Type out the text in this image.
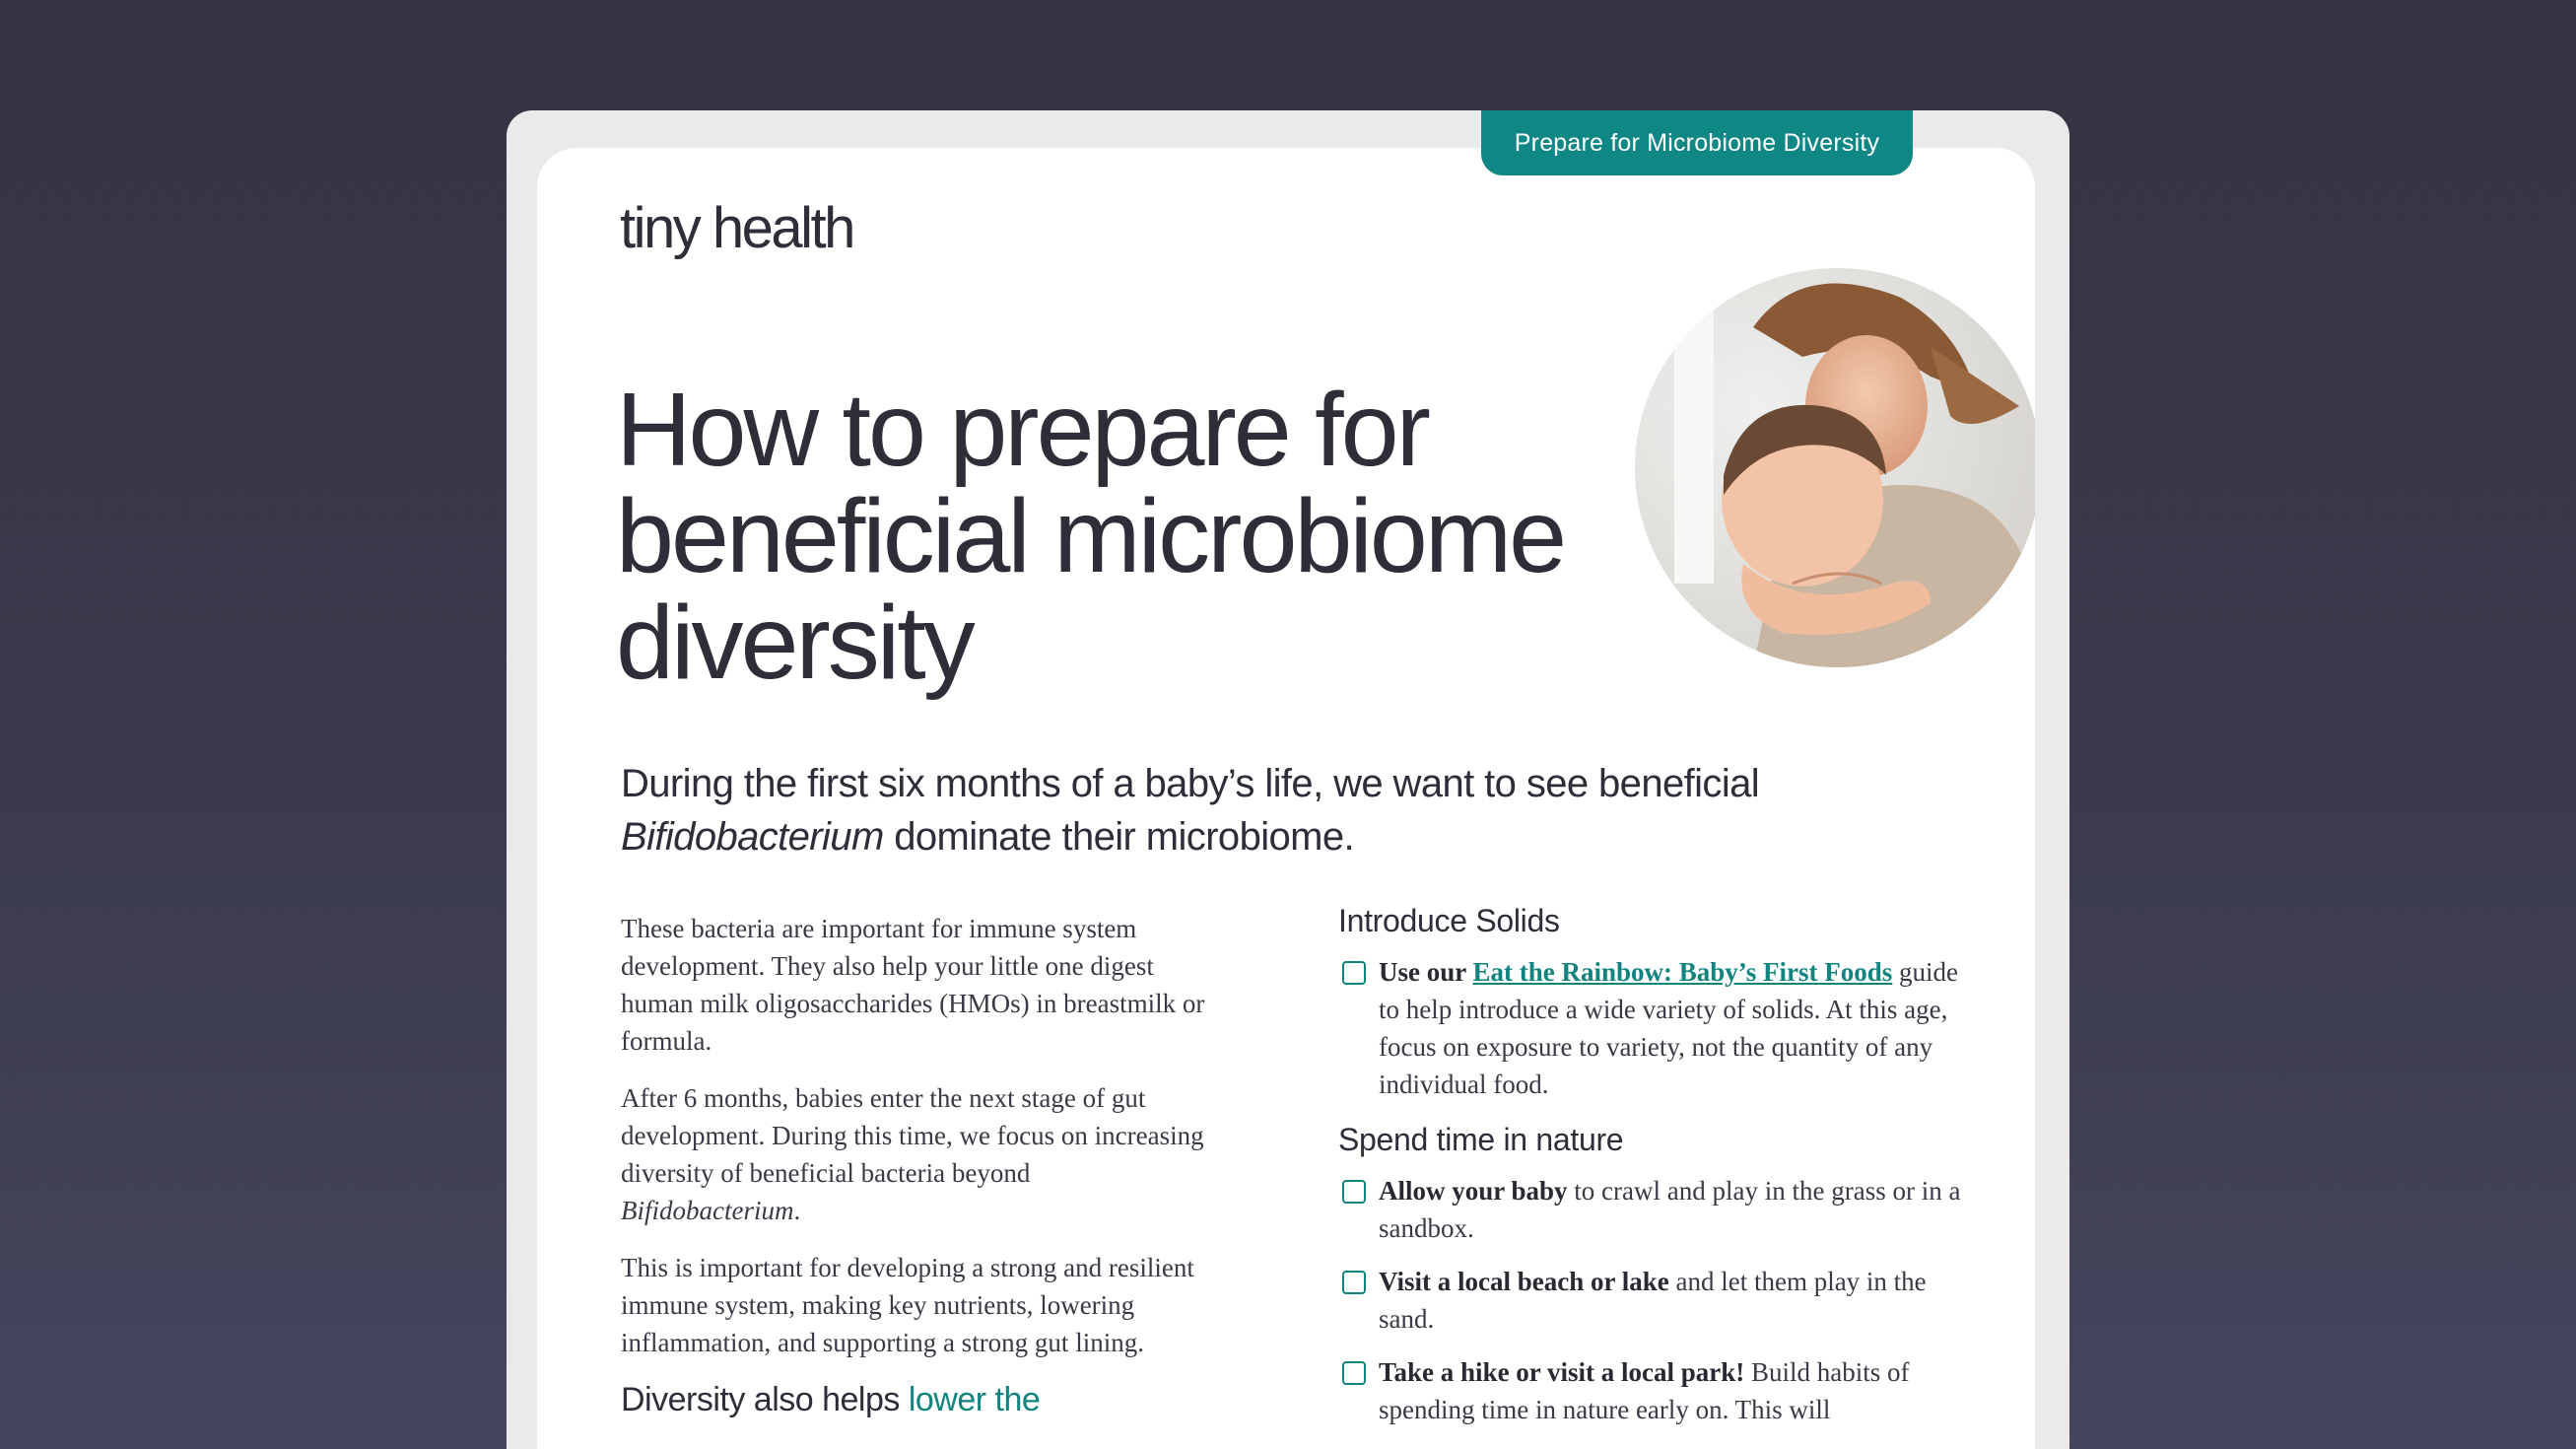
Prepare for Microbiome Diversity
tiny health
How to prepare for beneficial microbiome diversity

During the first six months of a baby’s life, we want to see beneficial Bifidobacterium dominate their microbiome.

These bacteria are important for immune system development. They also help your little one digest human milk oligosaccharides (HMOs) in breastmilk or formula.

After 6 months, babies enter the next stage of gut development. During this time, we focus on increasing diversity of beneficial bacteria beyond Bifidobacterium.

This is important for developing a strong and resilient immune system, making key nutrients, lowering inflammation, and supporting a strong gut lining.

Diversity also helps lower the

Introduce Solids
Use our Eat the Rainbow: Baby’s First Foods guide to help introduce a wide variety of solids. At this age, focus on exposure to variety, not the quantity of any individual food.
Spend time in nature
Allow your baby to crawl and play in the grass or in a sandbox.
Visit a local beach or lake and let them play in the sand.
Take a hike or visit a local park! Build habits of spending time in nature early on. This will
